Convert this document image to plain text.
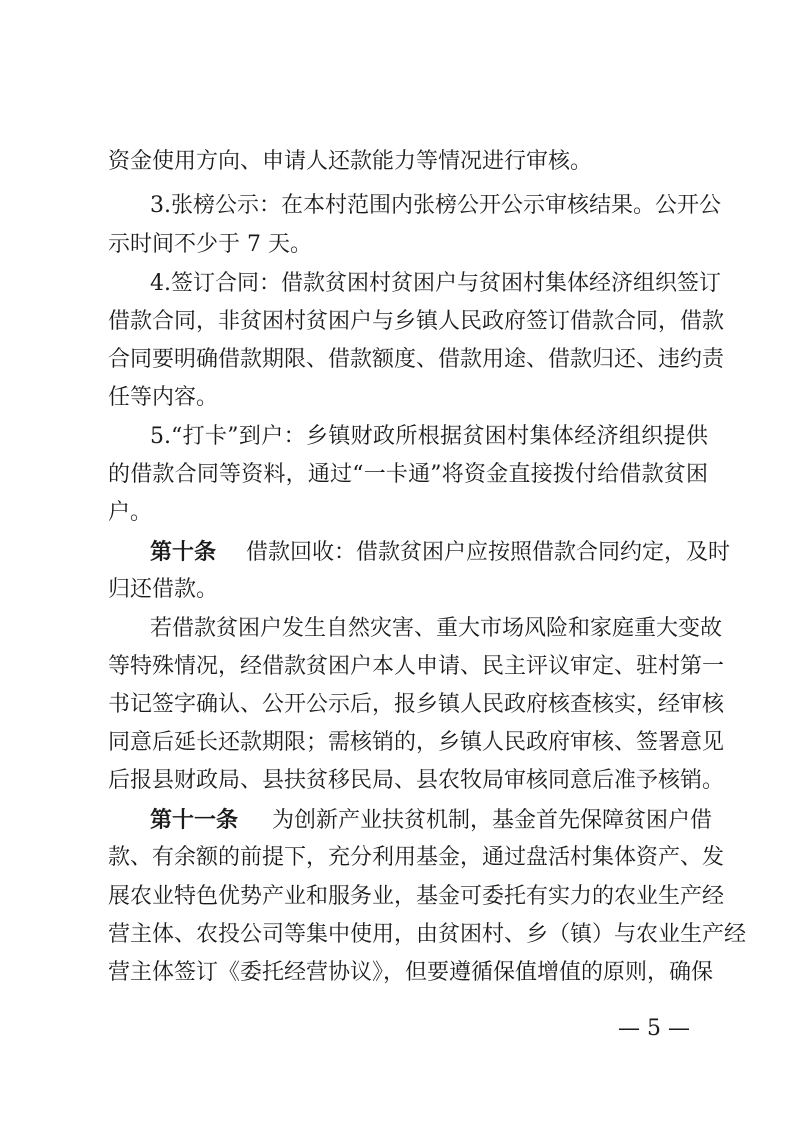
资金使用方向、申请人还款能力等情况进行审核。
3.张榜公示：在本村范围内张榜公开公示审核结果。公开公
示时间不少于 7 天。
4.签订合同：借款贫困村贫困户与贫困村集体经济组织签订
借款合同，非贫困村贫困户与乡镇人民政府签订借款合同，借款
合同要明确借款期限、借款额度、借款用途、借款归还、违约责
任等内容。
5.“打卡”到户：乡镇财政所根据贫困村集体经济组织提供
的借款合同等资料，通过“一卡通”将资金直接拨付给借款贫困
户。
第十条 借款回收：借款贫困户应按照借款合同约定，及时
归还借款。
若借款贫困户发生自然灾害、重大市场风险和家庭重大变故
等特殊情况，经借款贫困户本人申请、民主评议审定、驻村第一
书记签字确认、公开公示后，报乡镇人民政府核查核实，经审核
同意后延长还款期限；需核销的，乡镇人民政府审核、签署意见
后报县财政局、县扶贫移民局、县农牧局审核同意后准予核销。
第十一条 为创新产业扶贫机制，基金首先保障贫困户借
款、有余额的前提下，充分利用基金，通过盘活村集体资产、发
展农业特色优势产业和服务业，基金可委托有实力的农业生产经
营主体、农投公司等集中使用，由贫困村、乡（镇）与农业生产经
营主体签订《委托经营协议》，但要遵循保值增值的原则，确保
— 5 —
